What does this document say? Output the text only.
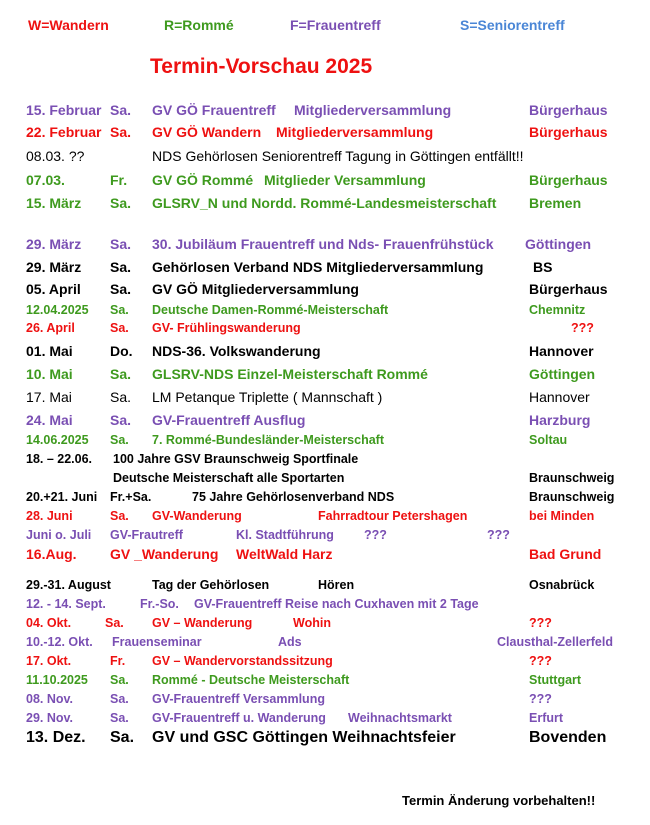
W=Wandern	R=Rommé	F=Frauentreff	S=Seniorentreff
Termin-Vorschau 2025
15. Februar Sa. GV GÖ Frauentreff Mitgliederversammlung	Bürgerhaus
22. Februar Sa. GV GÖ Wandern Mitgliederversammlung	Bürgerhaus
08.03. ??	NDS Gehörlosen Seniorentreff Tagung in Göttingen entfällt!!
07.03.	Fr. GV GÖ Rommé Mitglieder Versammlung	Bürgerhaus
15. März Sa. GLSRV_N und Nordd. Rommé-Landesmeisterschaft Bremen
29. März Sa. 30. Jubiläum Frauentreff und Nds- Frauenfrühstück Göttingen
29. März Sa. Gehörlosen Verband NDS Mitgliederversammlung	BS
05. April Sa. GV GÖ Mitgliederversammlung	Bürgerhaus
12.04.2025 Sa. Deutsche Damen-Rommé-Meisterschaft	Chemnitz
26. April	Sa. GV- Frühlingswanderung	???
01. Mai	Do. NDS-36. Volkswanderung	Hannover
10. Mai	Sa. GLSRV-NDS Einzel-Meisterschaft Rommé	Göttingen
17. Mai	Sa. LM Petanque Triplette ( Mannschaft )	Hannover
24. Mai	Sa. GV-Frauentreff Ausflug	Harzburg
14.06.2025 Sa. 7. Rommé-Bundesländer-Meisterschaft	Soltau
18. – 22.06. 100 Jahre GSV Braunschweig Sportfinale
Deutsche Meisterschaft alle Sportarten	Braunschweig
20.+21. Juni Fr.+Sa.	75 Jahre Gehörlosenverband NDS	Braunschweig
28. Juni	Sa. GV-Wanderung	Fahrradtour Petershagen	bei Minden
Juni o. Juli GV-Frautreff	Kl. Stadtführung ???	???
16.Aug. GV _Wanderung WeltWald Harz	Bad Grund
29.-31. August	Tag der Gehörlosen	Hören	Osnabrück
12. - 14. Sept.	Fr.-So. GV-Frauentreff Reise nach Cuxhaven mit 2 Tage
04. Okt.	Sa. GV – Wanderung	Wohin	???
10.-12. Okt. Frauenseminar	Ads	Clausthal-Zellerfeld
17. Okt.	Fr. GV – Wandervorstandssitzung	???
11.10.2025 Sa. Rommé - Deutsche Meisterschaft	Stuttgart
08. Nov.	Sa. GV-Frauentreff Versammlung	???
29. Nov.	Sa. GV-Frauentreff u. Wanderung Weihnachtsmarkt	Erfurt
13. Dez. Sa. GV und GSC Göttingen Weihnachtsfeier	Bovenden
Termin Änderung vorbehalten!!
